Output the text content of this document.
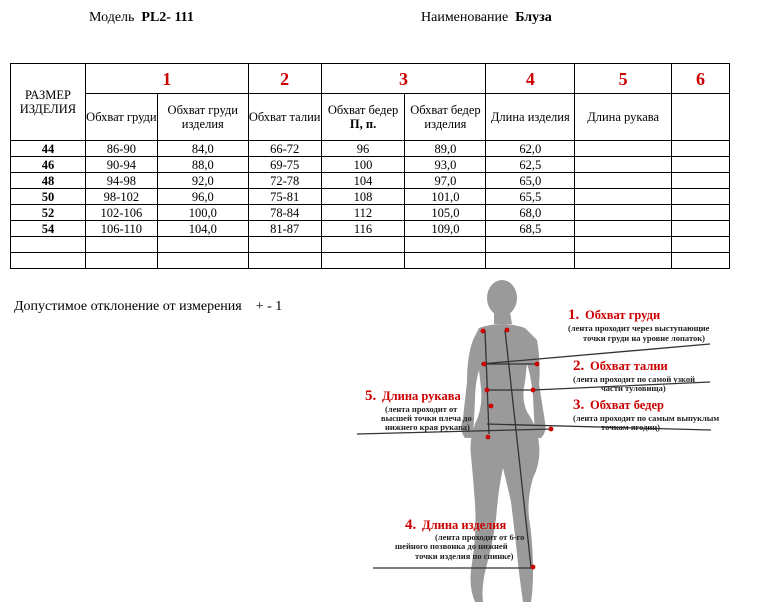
Модель PL2- 111	Наименование Блуза
РАЗМЕР ИЗДЕЛИЯ	1		2	3		4	5	6
	Обхват груди	Обхват груди изделия	Обхват талии	Обхват бедер П, п.	Обхват бедер изделия	Длина изделия	Длина рукава	
44	86-90	84,0	66-72	96	89,0	62,0		
46	90-94	88,0	69-75	100	93,0	62,5		
48	94-98	92,0	72-78	104	97,0	65,0		
50	98-102	96,0	75-81	108	101,0	65,5		
52	102-106	100,0	78-84	112	105,0	68,0		
54	106-110	104,0	81-87	116	109,0	68,5		

Допустимое отклонение от измерения + - 1
1. Обхват груди
(лента проходит через выступающие
точки груди на уровне лопаток)
2. Обхват талии
(лента проходит по самой узкой
части туловища)
3. Обхват бедер
(лента проходит по самым выпуклым
точкам ягодиц)
5. Длина рукава
(лента проходит от
высшей точки плеча до
нижнего края рукава)
4. Длина изделия
(лента проходит от 6-го
шейного позвонка до нижней
точки изделия по спинке)
